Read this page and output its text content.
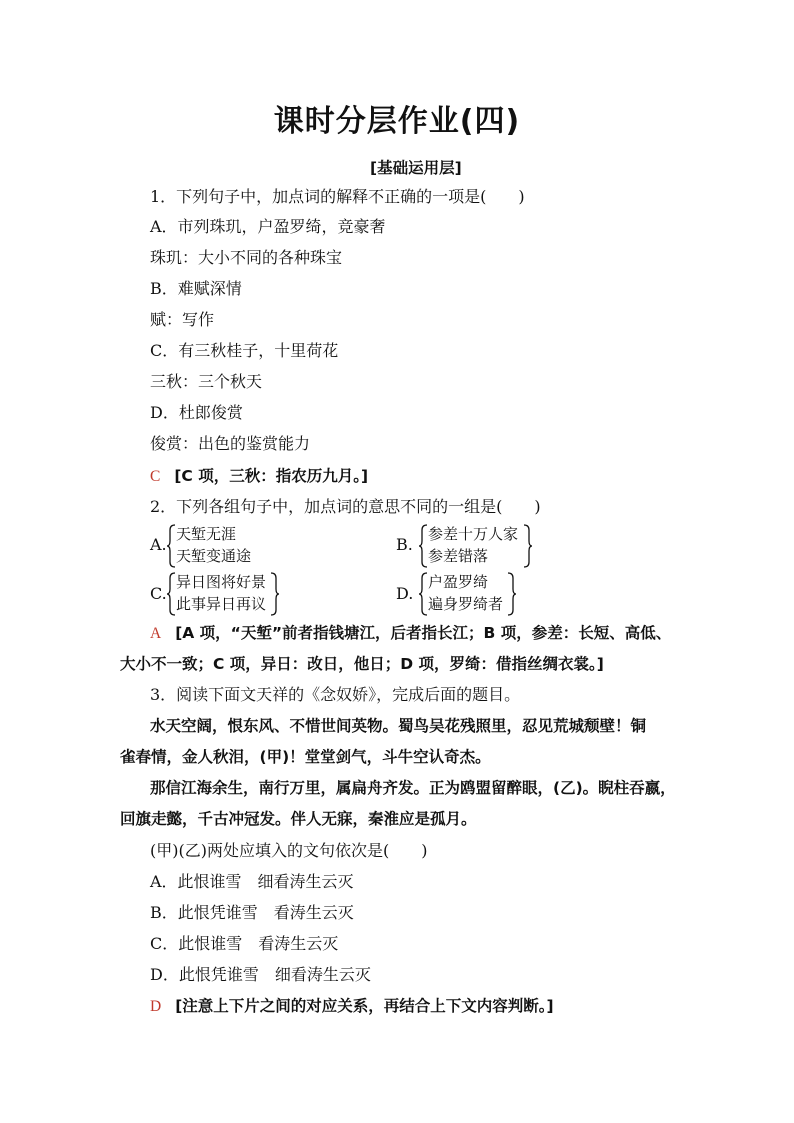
课时分层作业(四)
[基础运用层]
1．下列句子中，加点词的解释不正确的一项是(　　)
A．市列珠玑，户盈罗绮，竞豪奢
珠玑：大小不同的各种珠宝
B．难赋深情
赋：写作
C．有三秋桂子，十里荷花
三秋：三个秋天
D．杜郎俊赏
俊赏：出色的鉴赏能力
C [C 项，三秋：指农历九月。]
2．下列各组句子中，加点词的意思不同的一组是(　　)
A.
天堑无涯
天堑变通途
B.
参差十万人家
参差错落
C.
异日图将好景
此事异日再议
D.
户盈罗绮
遍身罗绮者
A [A 项，“天堑”前者指钱塘江，后者指长江；B 项，参差：长短、高低、
大小不一致；C 项，异日：改日，他日；D 项，罗绮：借指丝绸衣裳。]
3．阅读下面文天祥的《念奴娇》，完成后面的题目。
水天空阔，恨东风、不惜世间英物。蜀鸟吴花残照里，忍见荒城颓壁！铜
雀春情，金人秋泪，(甲)！堂堂剑气，斗牛空认奇杰。
那信江海余生，南行万里，属扁舟齐发。正为鸥盟留醉眼，(乙)。睨柱吞嬴，
回旗走懿，千古冲冠发。伴人无寐，秦淮应是孤月。
(甲)(乙)两处应填入的文句依次是(　　)
A．此恨谁雪　细看涛生云灭
B．此恨凭谁雪　看涛生云灭
C．此恨谁雪　看涛生云灭
D．此恨凭谁雪　细看涛生云灭
D [注意上下片之间的对应关系，再结合上下文内容判断。]
